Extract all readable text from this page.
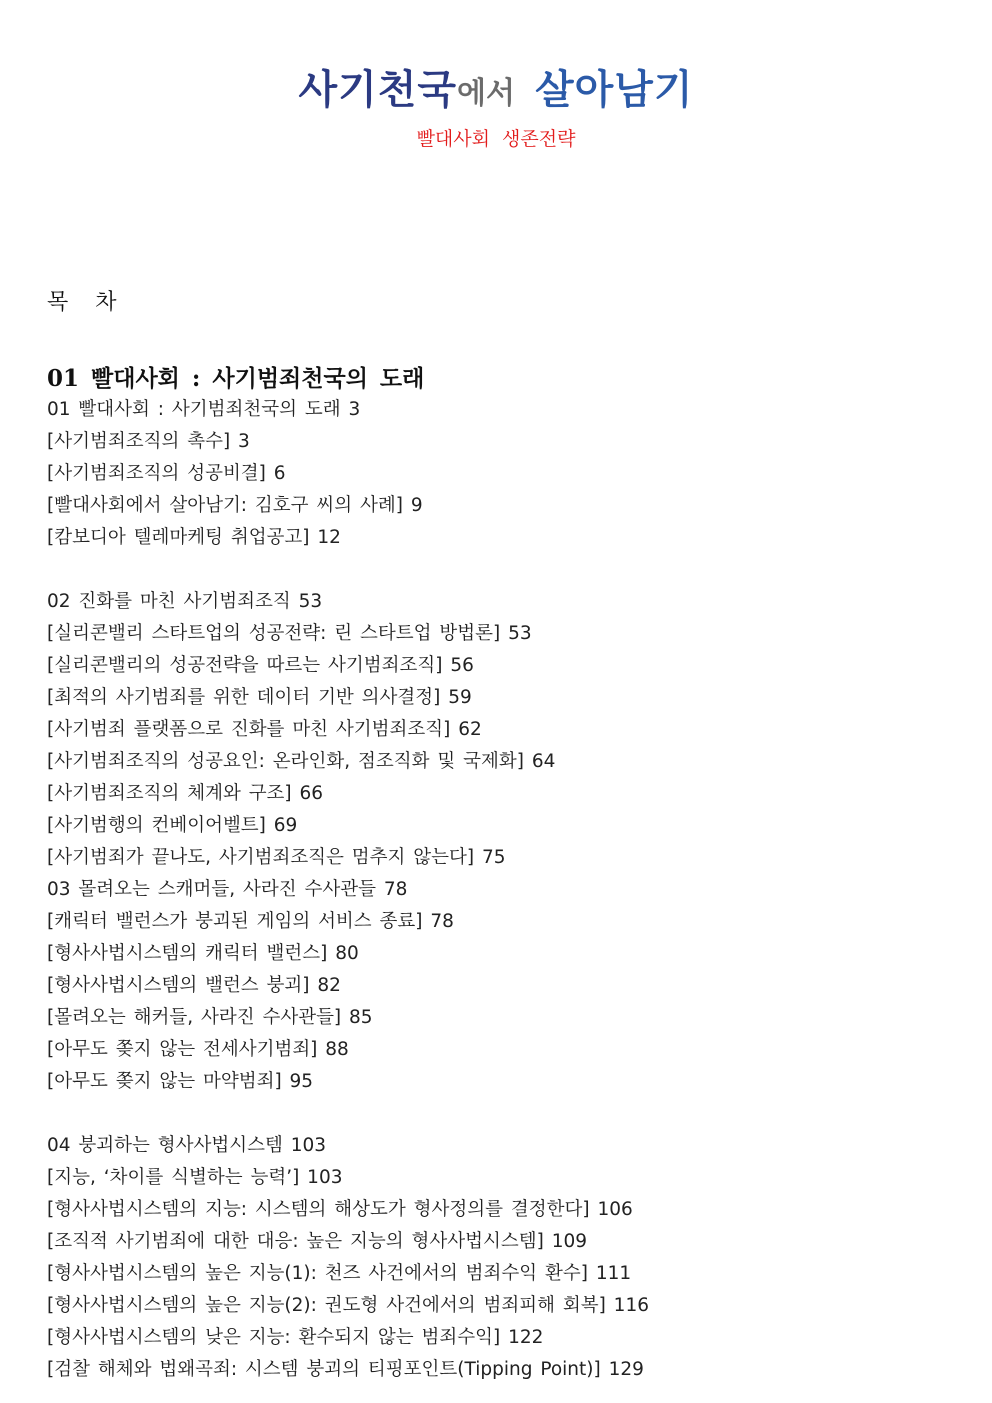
사기천국에서 살아남기
빨대사회 생존전략
목 차
01 빨대사회 : 사기범죄천국의 도래
01 빨대사회 : 사기범죄천국의 도래 3
[사기범죄조직의 촉수] 3
[사기범죄조직의 성공비결] 6
[빨대사회에서 살아남기: 김호구 씨의 사례] 9
[캄보디아 텔레마케팅 취업공고] 12
02 진화를 마친 사기범죄조직 53
[실리콘밸리 스타트업의 성공전략: 린 스타트업 방법론] 53
[실리콘밸리의 성공전략을 따르는 사기범죄조직] 56
[최적의 사기범죄를 위한 데이터 기반 의사결정] 59
[사기범죄 플랫폼으로 진화를 마친 사기범죄조직] 62
[사기범죄조직의 성공요인: 온라인화, 점조직화 및 국제화] 64
[사기범죄조직의 체계와 구조] 66
[사기범행의 컨베이어벨트] 69
[사기범죄가 끝나도, 사기범죄조직은 멈추지 않는다] 75
03 몰려오는 스캐머들, 사라진 수사관들 78
[캐릭터 밸런스가 붕괴된 게임의 서비스 종료] 78
[형사사법시스템의 캐릭터 밸런스] 80
[형사사법시스템의 밸런스 붕괴] 82
[몰려오는 해커들, 사라진 수사관들] 85
[아무도 쫒지 않는 전세사기범죄] 88
[아무도 쫒지 않는 마약범죄] 95
04 붕괴하는 형사사법시스템 103
[지능, ‘차이를 식별하는 능력’] 103
[형사사법시스템의 지능: 시스템의 해상도가 형사정의를 결정한다] 106
[조직적 사기범죄에 대한 대응: 높은 지능의 형사사법시스템] 109
[형사사법시스템의 높은 지능(1): 천즈 사건에서의 범죄수익 환수] 111
[형사사법시스템의 높은 지능(2): 권도형 사건에서의 범죄피해 회복] 116
[형사사법시스템의 낮은 지능: 환수되지 않는 범죄수익] 122
[검찰 해체와 법왜곡죄: 시스템 붕괴의 티핑포인트(Tipping Point)] 129
